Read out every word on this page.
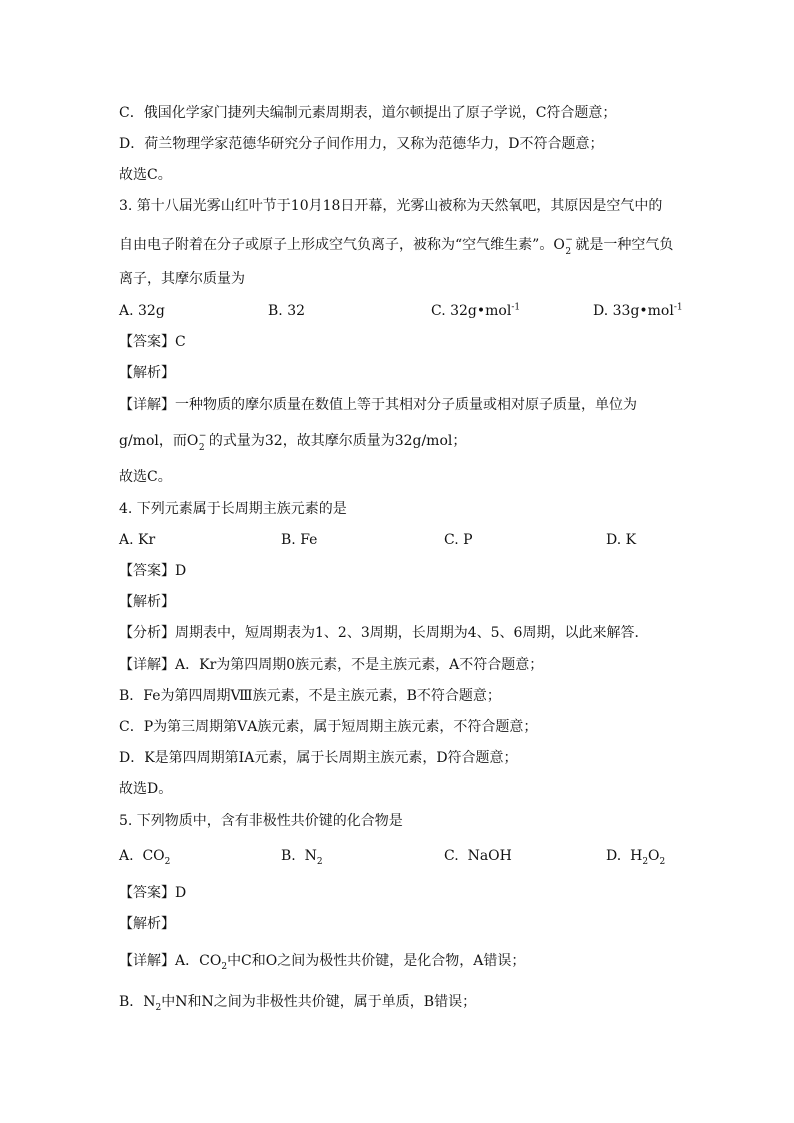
C．俄国化学家门捷列夫编制元素周期表，道尔顿提出了原子学说，C符合题意；
D．荷兰物理学家范德华研究分子间作用力，又称为范德华力，D不符合题意；
故选C。
3. 第十八届光雾山红叶节于10月18日开幕，光雾山被称为天然氧吧，其原因是空气中的
自由电子附着在分子或原子上形成空气负离子，被称为“空气维生素”。 O −
2 就是一种空气负
离子，其摩尔质量为
A. 32g	B. 32	C. 32g•mol$^{-1}$	D. 33g•mol$^{-1}$
【答案】C
【解析】
【详解】一种物质的摩尔质量在数值上等于其相对分子质量或相对原子质量，单位为
g/mol，而 O −
2 的式量为32，故其摩尔质量为32g/mol；
故选C。
4. 下列元素属于长周期主族元素的是
A. Kr	B. Fe	C. P	D. K
【答案】D
【解析】
【分析】周期表中，短周期表为1、2、3周期，长周期为4、5、6周期，以此来解答．
【详解】A．Kr为第四周期0族元素，不是主族元素，A不符合题意；
B．Fe为第四周期Ⅷ族元素，不是主族元素，B不符合题意；
C．P为第三周期第ⅤA族元素，属于短周期主族元素，不符合题意；
D．K是第四周期第ⅠA元素，属于长周期主族元素，D符合题意；
故选D。
5. 下列物质中，含有非极性共价键的化合物是
A. $CO_2$	B. $N_2$	C. NaOH	D. $H_2O_2$
【答案】D
【解析】
【详解】A．$CO_2$中C和O之间为极性共价键，是化合物，A错误；
B．$N_2$中N和N之间为非极性共价键，属于单质，B错误；
